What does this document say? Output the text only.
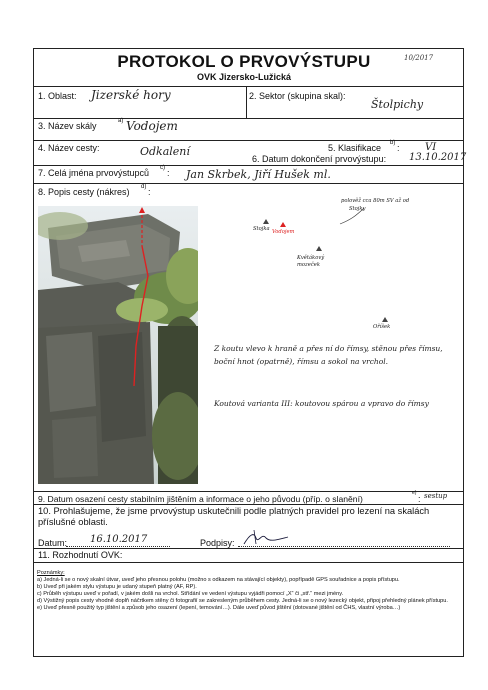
PROTOKOL O PRVOVÝSTUPU
OVK Jizersko-Lužická
10/2017
1. Oblast: Jizerské hory	2. Sektor (skupina skal):
Štolpichy
3. Název skály	a) Vodojem
4. Název cesty:	Odkalení	5. Klasifikace b) :	VI
6. Datum dokončení prvovýstupu: 13.10.2017
7. Celá jména prvovýstupců c) : Jan Skrbek, Jiří Hušek ml.
8. Popis cesty (nákres) d) :
polověž cca 80m SV až od
Stojky
Stojka Vodojem
Květákový mozeček
Oříšek
Z koutu vlevo k hraně a přes ní do římsy, stěnou přes římsu, boční hnot (opatrně), římsu a sokol na vrchol.
Koutová varianta III: koutovou spárou a vpravo do římsy
9. Datum osazení cesty stabilním jištěním a informace o jeho původu (příp. o slanění)
e)
: sestup
10. Prohlašujeme, že jsme prvovýstup uskutečnili podle platných pravidel pro lezení na skalách příslušné oblasti.
Datum: 16.10.2017	Podpisy:
11. Rozhodnutí OVK:
Poznámky:
a) Jedná-li se o nový skalní útvar, uveď jeho přesnou polohu (možno s odkazem na stávající objekty), popřípadě GPS souřadnice a popis přístupu.
b) Uveď při jakém stylu výstupu je udaný stupeň platný (AF, RP).
c) Průběh výstupu uveď v pořadí, v jakém došli na vrchol. Střídání ve vedení výstupu vyjádři pomocí „X“ či „stř.“ mezi jmény.
d) Výstižný popis cesty vhodně doplň náčrtkem stěny či fotografií se zakresleným průběhem cesty. Jedná-li se o nový lezecký objekt, připoj přehledný plánek přístupu.
e) Uveď přesně použitý typ jištění a způsob jeho osazení (lepení, temování…). Dále uveď původ jištění (dotované jištění od ČHS, vlastní výroba…)
